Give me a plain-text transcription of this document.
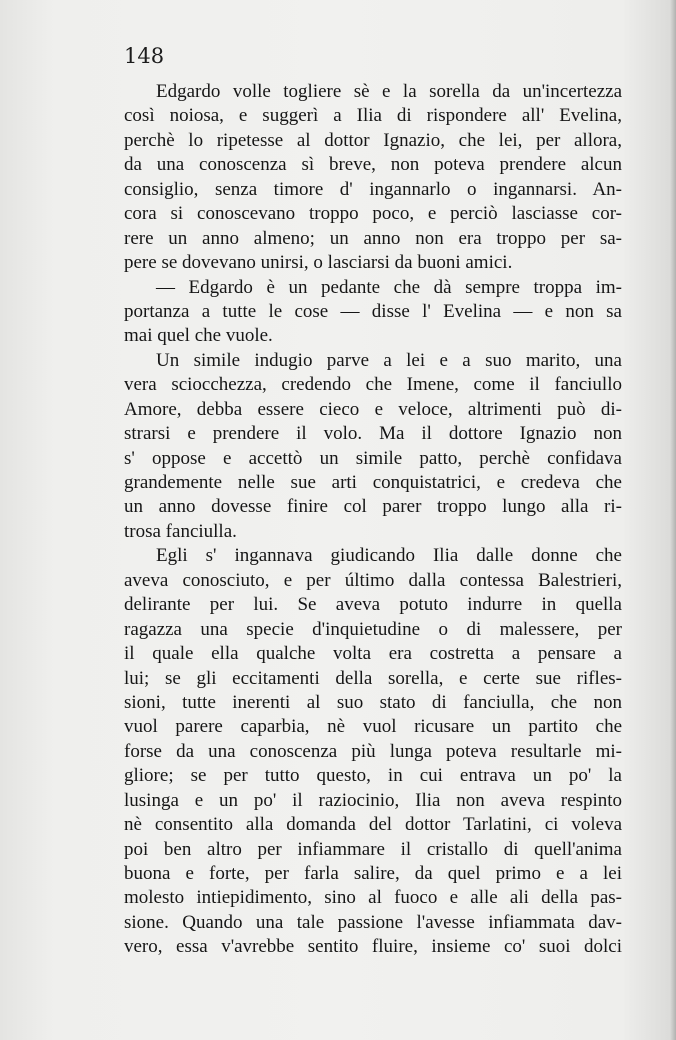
148

Edgardo volle togliere sè e la sorella da un'incertezza
così noiosa, e suggerì a Ilia di rispondere all' Evelina,
perchè lo ripetesse al dottor Ignazio, che lei, per allora,
da una conoscenza sì breve, non poteva prendere alcun
consiglio, senza timore d' ingannarlo o ingannarsi. An-
cora si conoscevano troppo poco, e perciò lasciasse cor-
rere un anno almeno; un anno non era troppo per sa-
pere se dovevano unirsi, o lasciarsi da buoni amici.
— Edgardo è un pedante che dà sempre troppa im-
portanza a tutte le cose — disse l' Evelina — e non sa
mai quel che vuole.
Un simile indugio parve a lei e a suo marito, una
vera sciocchezza, credendo che Imene, come il fanciullo
Amore, debba essere cieco e veloce, altrimenti può di-
strarsi e prendere il volo. Ma il dottore Ignazio non
s' oppose e accettò un simile patto, perchè confidava
grandemente nelle sue arti conquistatrici, e credeva che
un anno dovesse finire col parer troppo lungo alla ri-
trosa fanciulla.
Egli s' ingannava giudicando Ilia dalle donne che
aveva conosciuto, e per último dalla contessa Balestrieri,
delirante per lui. Se aveva potuto indurre in quella
ragazza una specie d'inquietudine o di malessere, per
il quale ella qualche volta era costretta a pensare a
lui; se gli eccitamenti della sorella, e certe sue rifles-
sioni, tutte inerenti al suo stato di fanciulla, che non
vuol parere caparbia, nè vuol ricusare un partito che
forse da una conoscenza più lunga poteva resultarle mi-
gliore; se per tutto questo, in cui entrava un po' la
lusinga e un po' il raziocinio, Ilia non aveva respinto
nè consentito alla domanda del dottor Tarlatini, ci voleva
poi ben altro per infiammare il cristallo di quell'anima
buona e forte, per farla salire, da quel primo e a lei
molesto intiepidimento, sino al fuoco e alle ali della pas-
sione. Quando una tale passione l'avesse infiammata dav-
vero, essa v'avrebbe sentito fluire, insieme co' suoi dolci
